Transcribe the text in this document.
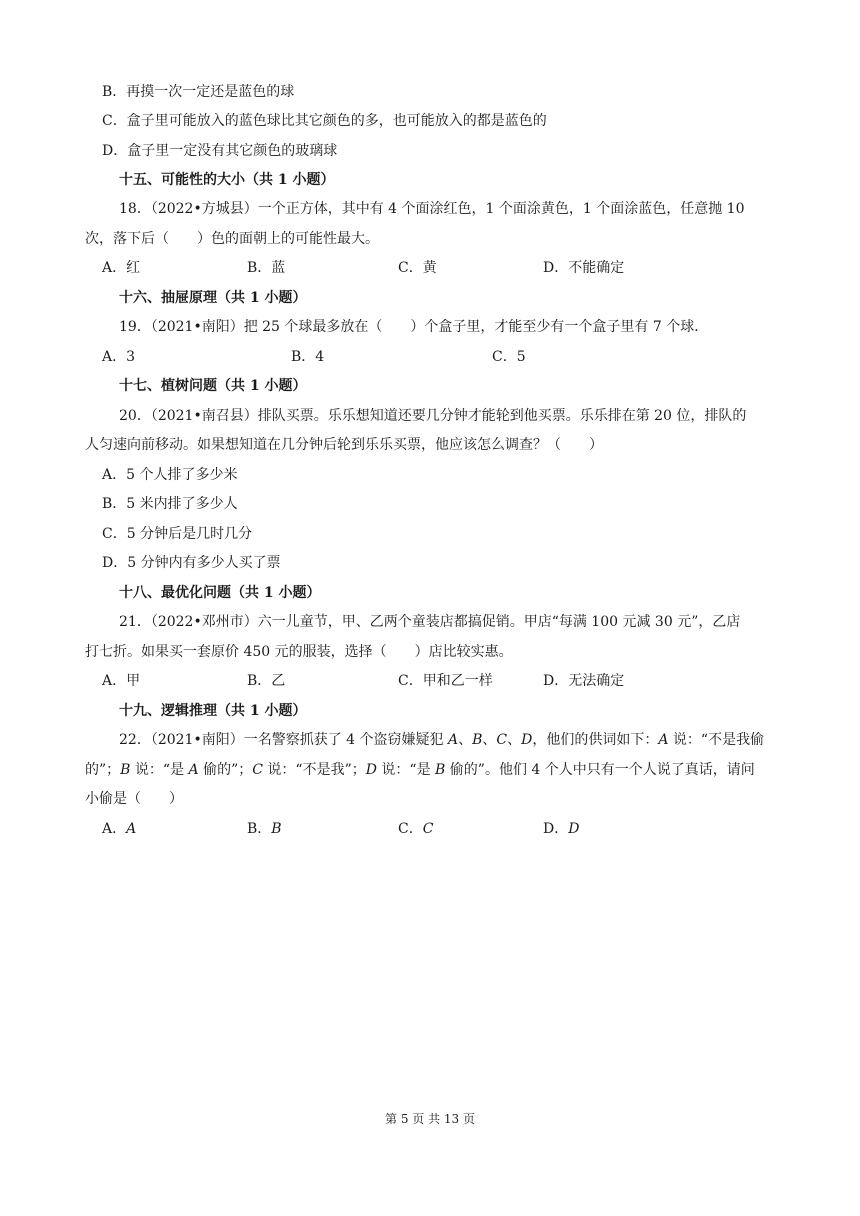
B．再摸一次一定还是蓝色的球
C．盒子里可能放入的蓝色球比其它颜色的多，也可能放入的都是蓝色的
D．盒子里一定没有其它颜色的玻璃球
十五、可能性的大小（共 1 小题）
18．（2022•方城县）一个正方体，其中有 4 个面涂红色，1 个面涂黄色，1 个面涂蓝色，任意抛 10
次，落下后（　　）色的面朝上的可能性最大。
A．红	B．蓝	C．黄	D．不能确定
十六、抽屉原理（共 1 小题）
19．（2021•南阳）把 25 个球最多放在（　　）个盒子里，才能至少有一个盒子里有 7 个球．
A．3	B．4	C．5
十七、植树问题（共 1 小题）
20．（2021•南召县）排队买票。乐乐想知道还要几分钟才能轮到他买票。乐乐排在第 20 位，排队的
人匀速向前移动。如果想知道在几分钟后轮到乐乐买票，他应该怎么调查？（　　）
A．5 个人排了多少米
B．5 米内排了多少人
C．5 分钟后是几时几分
D．5 分钟内有多少人买了票
十八、最优化问题（共 1 小题）
21．（2022•邓州市）六一儿童节，甲、乙两个童装店都搞促销。甲店“每满 100 元减 30 元”，乙店
打七折。如果买一套原价 450 元的服装，选择（　　）店比较实惠。
A．甲	B．乙	C．甲和乙一样	D．无法确定
十九、逻辑推理（共 1 小题）
22．（2021•南阳）一名警察抓获了 4 个盗窃嫌疑犯 A、B、C、D，他们的供词如下：A 说：“不是我偷
的”；B 说：“是 A 偷的”；C 说：“不是我”；D 说：“是 B 偷的”。他们 4 个人中只有一个人说了真话，请问
小偷是（　　）
A．A	B．B	C．C	D．D
第 5 页 共 13 页
